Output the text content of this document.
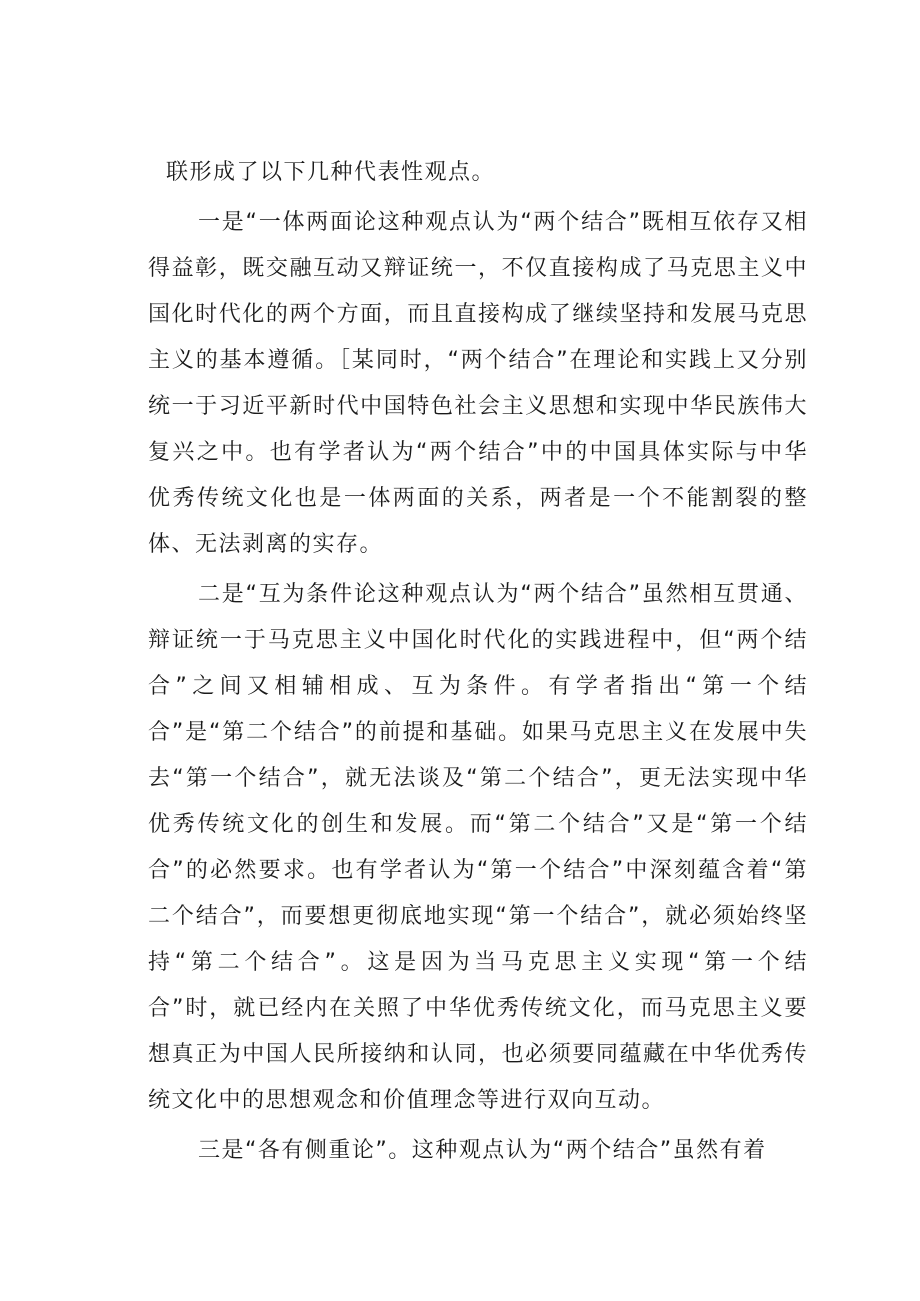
联形成了以下几种代表性观点。

一是“一体两面论这种观点认为“两个结合”既相互依存又相得益彰，既交融互动又辩证统一，不仅直接构成了马克思主义中国化时代化的两个方面，而且直接构成了继续坚持和发展马克思主义的基本遵循。［某同时，“两个结合”在理论和实践上又分别统一于习近平新时代中国特色社会主义思想和实现中华民族伟大复兴之中。也有学者认为“两个结合”中的中国具体实际与中华优秀传统文化也是一体两面的关系，两者是一个不能割裂的整体、无法剥离的实存。

二是“互为条件论这种观点认为“两个结合”虽然相互贯通、辩证统一于马克思主义中国化时代化的实践进程中，但“两个结合”之间又相辅相成、互为条件。有学者指出“第一个结合”是“第二个结合”的前提和基础。如果马克思主义在发展中失去“第一个结合”，就无法谈及“第二个结合”，更无法实现中华优秀传统文化的创生和发展。而“第二个结合”又是“第一个结合”的必然要求。也有学者认为“第一个结合”中深刻蕴含着“第二个结合”，而要想更彻底地实现“第一个结合”，就必须始终坚持“第二个结合”。这是因为当马克思主义实现“第一个结合”时，就已经内在关照了中华优秀传统文化，而马克思主义要想真正为中国人民所接纳和认同，也必须要同蕴藏在中华优秀传统文化中的思想观念和价值理念等进行双向互动。

三是“各有侧重论”。这种观点认为“两个结合”虽然有着
